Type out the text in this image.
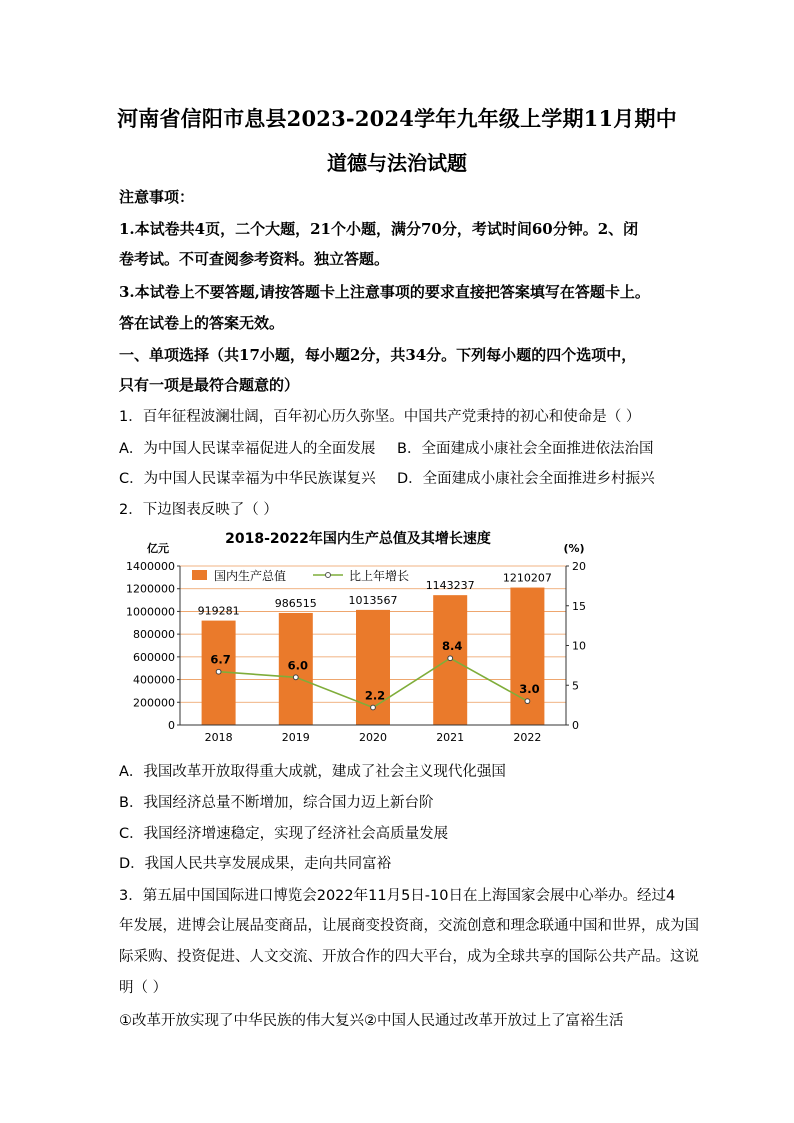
河南省信阳市息县2023-2024学年九年级上学期11月期中
道德与法治试题
注意事项：
1.本试卷共4页，二个大题，21个小题，满分70分，考试时间60分钟。2、闭
卷考试。不可查阅参考资料。独立答题。
3.本试卷上不要答题,请按答题卡上注意事项的要求直接把答案填写在答题卡上。
答在试卷上的答案无效。
一、单项选择（共17小题，每小题2分，共34分。下列每小题的四个选项中，
只有一项是最符合题意的）
1．百年征程波澜壮阔，百年初心历久弥坚。中国共产党秉持的初心和使命是（ ）
A．为中国人民谋幸福促进人的全面发展 B．全面建成小康社会全面推进依法治国
C．为中国人民谋幸福为中华民族谋复兴 D．全面建成小康社会全面推进乡村振兴
2．下边图表反映了（ ）
2018-2022年国内生产总值及其增长速度
亿元	(%)
919281
986515	1013567
1143237
1210207
6.7	6.0
2.2
8.4
3.0
0
200000
400000
600000
800000
1000000
1200000
1400000
0
5
10
15
20
2018	2019	2020	2021	2022
国内生产总值	比上年增长
A．我国改革开放取得重大成就，建成了社会主义现代化强国
B．我国经济总量不断增加，综合国力迈上新台阶
C．我国经济增速稳定，实现了经济社会高质量发展
D．我国人民共享发展成果，走向共同富裕
3．第五届中国国际进口博览会2022年11月5日-10日在上海国家会展中心举办。经过4
年发展，进博会让展品变商品，让展商变投资商，交流创意和理念联通中国和世界，成为国
际采购、投资促进、人文交流、开放合作的四大平台，成为全球共享的国际公共产品。这说
明（ ）
①改革开放实现了中华民族的伟大复兴②中国人民通过改革开放过上了富裕生活
